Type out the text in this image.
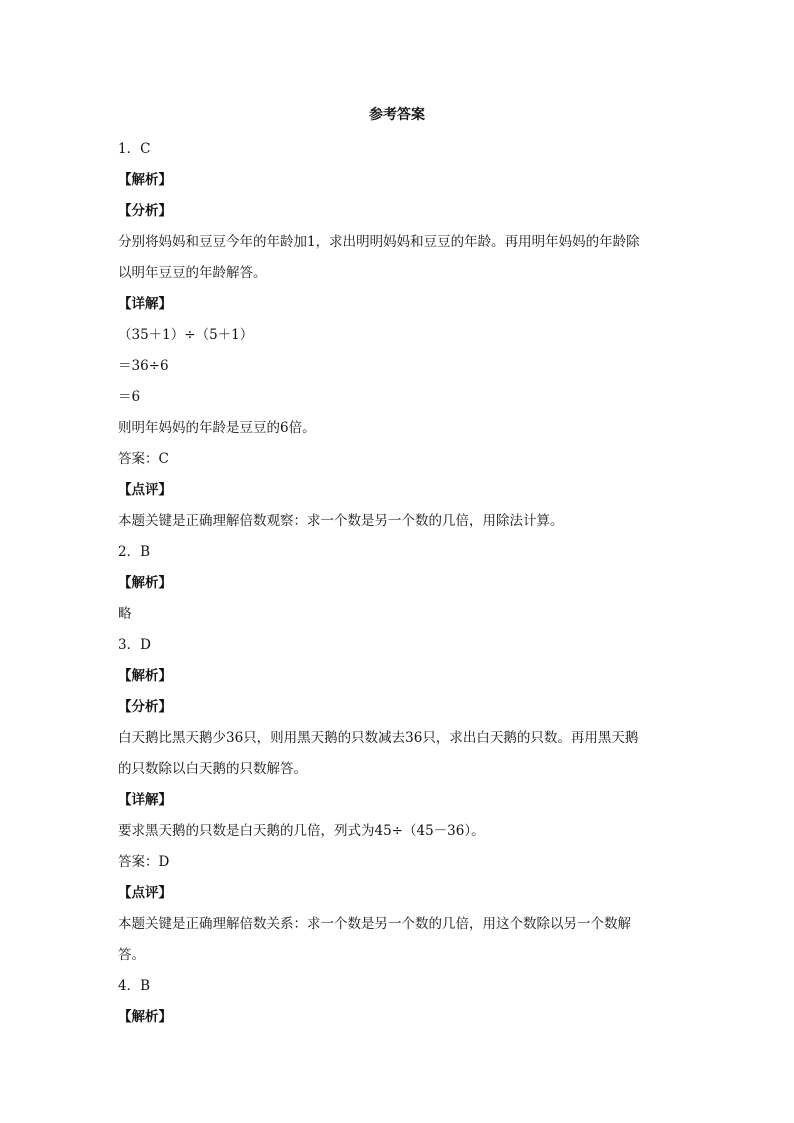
参考答案

1．C

【解析】

【分析】

分别将妈妈和豆豆今年的年龄加1，求出明明妈妈和豆豆的年龄。再用明年妈妈的年龄除

以明年豆豆的年龄解答。

【详解】

（35＋1）÷（5＋1）

＝36÷6

＝6

则明年妈妈的年龄是豆豆的6倍。

答案：C

【点评】

本题关键是正确理解倍数观察：求一个数是另一个数的几倍，用除法计算。

2．B

【解析】

略

3．D

【解析】

【分析】

白天鹅比黑天鹅少36只，则用黑天鹅的只数减去36只，求出白天鹅的只数。再用黑天鹅

的只数除以白天鹅的只数解答。

【详解】

要求黑天鹅的只数是白天鹅的几倍，列式为45÷（45－36）。

答案：D

【点评】

本题关键是正确理解倍数关系：求一个数是另一个数的几倍，用这个数除以另一个数解

答。

4．B

【解析】
